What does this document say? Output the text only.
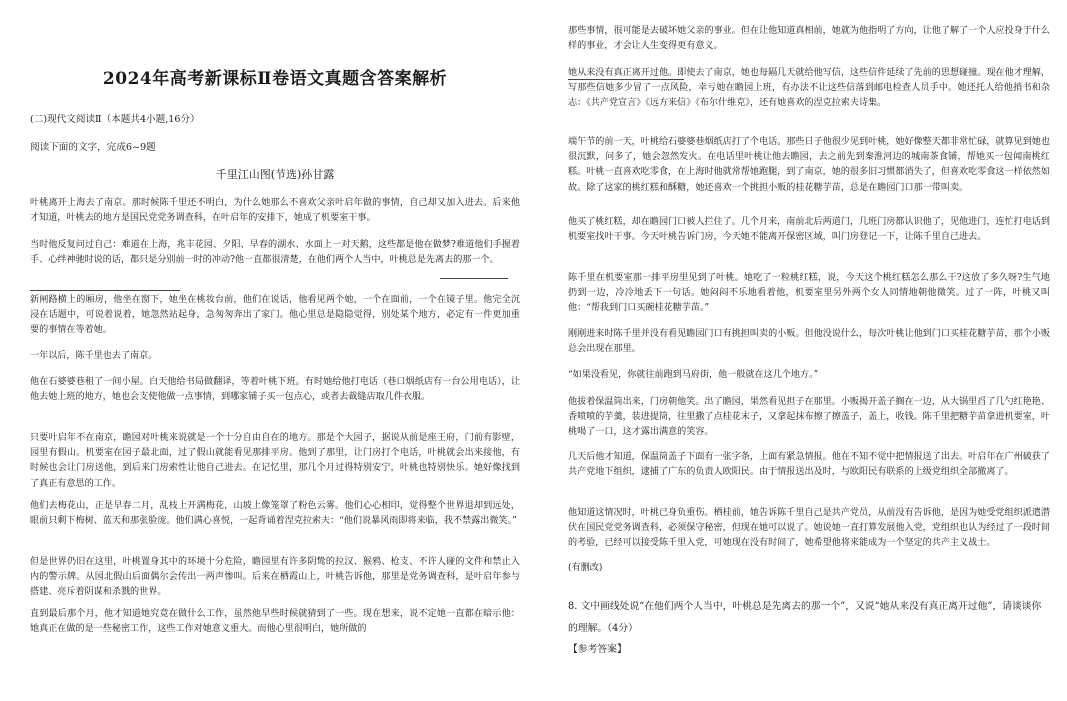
2024年高考新课标Ⅱ卷语文真题含答案解析
(二)现代文阅读Ⅱ（本题共4小题,16分）
阅读下面的文字，完成6~9题
千里江山图(节选)孙甘露

叶桃离开上海去了南京。那时候陈千里还不明白，为什么她那么不喜欢父亲叶启年做的事情，自己却又加入进去。后来他才知道，叶桃去的地方是国民党党务调查科，在叶启年的安排下，她成了机要室干事。

当时他反复问过自己：难道在上海，兆丰花园、夕阳、早春的湖水、水面上一对天鹅，这些都是他在做梦?难道他们手握着手、心绊神驰时说的话，都只是分别前一时的冲动?他一直都很清楚，在他们两个人当中，叶桃总是先离去的那一个。

新闸路横上的厢房，他坐在窗下，她坐在桃妆台前，他们在说话，他看见两个她，一个在面前，一个在镜子里。他完全沉浸在话题中，可说着说着，她忽然站起身，急匆匆奔出了家门。他心里总是隐隐觉得，别处某个地方，必定有一件更加重要的事情在等着她。

一年以后，陈千里也去了南京。

他在石婆婆巷租了一间小屋。白天他给书局做翻译，等着叶桃下班。有时她给他打电话（巷口烟纸店有一台公用电话），让他去她上班的地方，她也会支使他做一点事情，到哪家铺子买一包点心，或者去裁缝店取几件衣服。

只要叶启年不在南京，瞻园对叶桃来说就是一个十分自由自在的地方。那是个大园子，据说从前是座王府，门前有影壁，园里有假山。机要室在园子最北面，过了假山就能看见那排平房。他到了那里，让门房打个电话，叶桃就会出来接他，有时候也会让门房送他，到后来门房索性让他自己进去。在记忆里，那几个月过得特别安宁，叶桃也特别快乐。她好像找到了真正有意思的工作。

他们去梅花山，正是早春二月，乱枝上开满梅花，山坡上像笼罩了粉色云雾。他们心心相印，觉得整个世界退却到远处，眼前只剩下梅树、蓝天和那张脸庞。他们满心喜悦，一起背诵着涅克拉索夫：“他们说暴风雨即将来临，我不禁露出微笑。”

但是世界仍旧在这里，叶桃置身其中的环境十分危险，瞻园里有许多阴鸷的拉汉、猴鸦、枪支、不许人碰的文件和禁止入内的警示牌。从园北假山后面偶尔会传出一两声惨叫。后来在栖霞山上，叶桃告诉他，那里是党务调查科，是叶启年参与搭建、亮斥着阴谋和杀戮的世界。

直到最后那个月，他才知道她究竟在做什么工作，虽然他早些时候就猜到了一些。现在想来，说不定她一直都在暗示他：她真正在做的是一些秘密工作，这些工作对她意义重大。而他心里很明白，她所做的

那些事情，很可能是去破坏她父亲的事业。但在让他知道真相前，她就为他指明了方向，让他了解了一个人应投身于什么样的事业，才会让人生变得更有意义。

她从来没有真正离开过他。即使去了南京，她也每隔几天就给他写信，这些信件延续了先前的思想碰撞。现在他才理解，写那些信她多少冒了一点风险，幸亏她在瞻园上班，有办法不让这些信落到邮电检查人员手中。她还托人给他捎书和杂志：《共产党宣言》《远方来信》《布尔什维克》，还有她喜欢的涅克拉索夫诗集。

端午节的前一天，叶桃给石婆婆巷烟纸店打了个电话。那些日子他很少见到叶桃，她好像整天都非常忙碌，就算见到她也很沉默，问多了，她会忽然发火。在电话里叶桃让他去瞻园，去之前先到秦淮河边的城南茶食铺，帮她买一包闻南桃红糕。叶桃一直喜欢吃零食，在上海时他就常帮她跑腿，到了南京，她的很多旧习惯都消失了，但喜欢吃零食这一样依然如故。除了这家的桃红糕和酥糖，她还喜欢一个挑担小贩的桂花糖芋苗，总是在瞻园门口那一带叫卖。

他买了桃红糕，却在瞻园门口被人拦住了。几个月来，南前北后两道门，几班门房都认识他了，见他进门，连忙打电话到机要室找叶干事。今天叶桃告诉门房，今天她不能离开保密区域，叫门房登记一下，让陈千里自己进去。

陈千里在机要室那一排平房里见到了叶桃。她吃了一粒桃红糕，说，今天这个桃红糕怎么那么干?这放了多久呀?生气地扔到一边，冷冷地丢下一句话。她闷闷不乐地看着他，机要室里另外两个女人同情地朝他微笑。过了一阵，叶桃又叫他：“帮我到门口买碗桂花糖芋苗。”

刚刚进来时陈千里并没有看见瞻园门口有挑担叫卖的小贩。但他没说什么，每次叶桃让他到门口买桂花糖芋苗，那个小贩总会出现在那里。

“如果没看见，你就往前跑到马府街，他一般就在这几个地方。”

他拔着保温筒出来，门房朝他笑。出了瞻园，果然看见担子在那里。小贩揭开盖子搁在一边，从大锅里舀了几勺红艳艳、香喷喷的芋羹，装进提筒，往里撒了点桂花末子，又拿起抹布擦了擦盖子，盖上，收钱。陈千里把糖芋苗拿进机要室，叶桃喝了一口，这才露出满意的笑容。

几天后他才知道，保温筒盖子下面有一张字条，上面有紧急情报。他在不知不觉中把情报送了出去。叶启年在广州破获了共产党地下组织，逮捕了广东的负责人欧阳民。由于情报送出及时，与欧阳民有联系的上级党组织全部撤离了。

他知道这情况时，叶桃已身负重伤。栖桂前，她告诉陈千里自己是共产党员，从前没有告诉他，是因为她受党组织派遣潜伏在国民党党务调查科，必须保守秘密，但现在她可以说了。她说她一直打算发展他入党，党组织也认为经过了一段时间的考验，已经可以接受陈千里入党，可她现在没有时间了，她希望他将来能成为一个坚定的共产主义战士。

(有删改)

8. 文中画线处说“在他们两个人当中，叶桃总是先离去的那一个”，又说“她从来没有真正离开过他”，请谈谈你的理解。（4分）

【参考答案】
